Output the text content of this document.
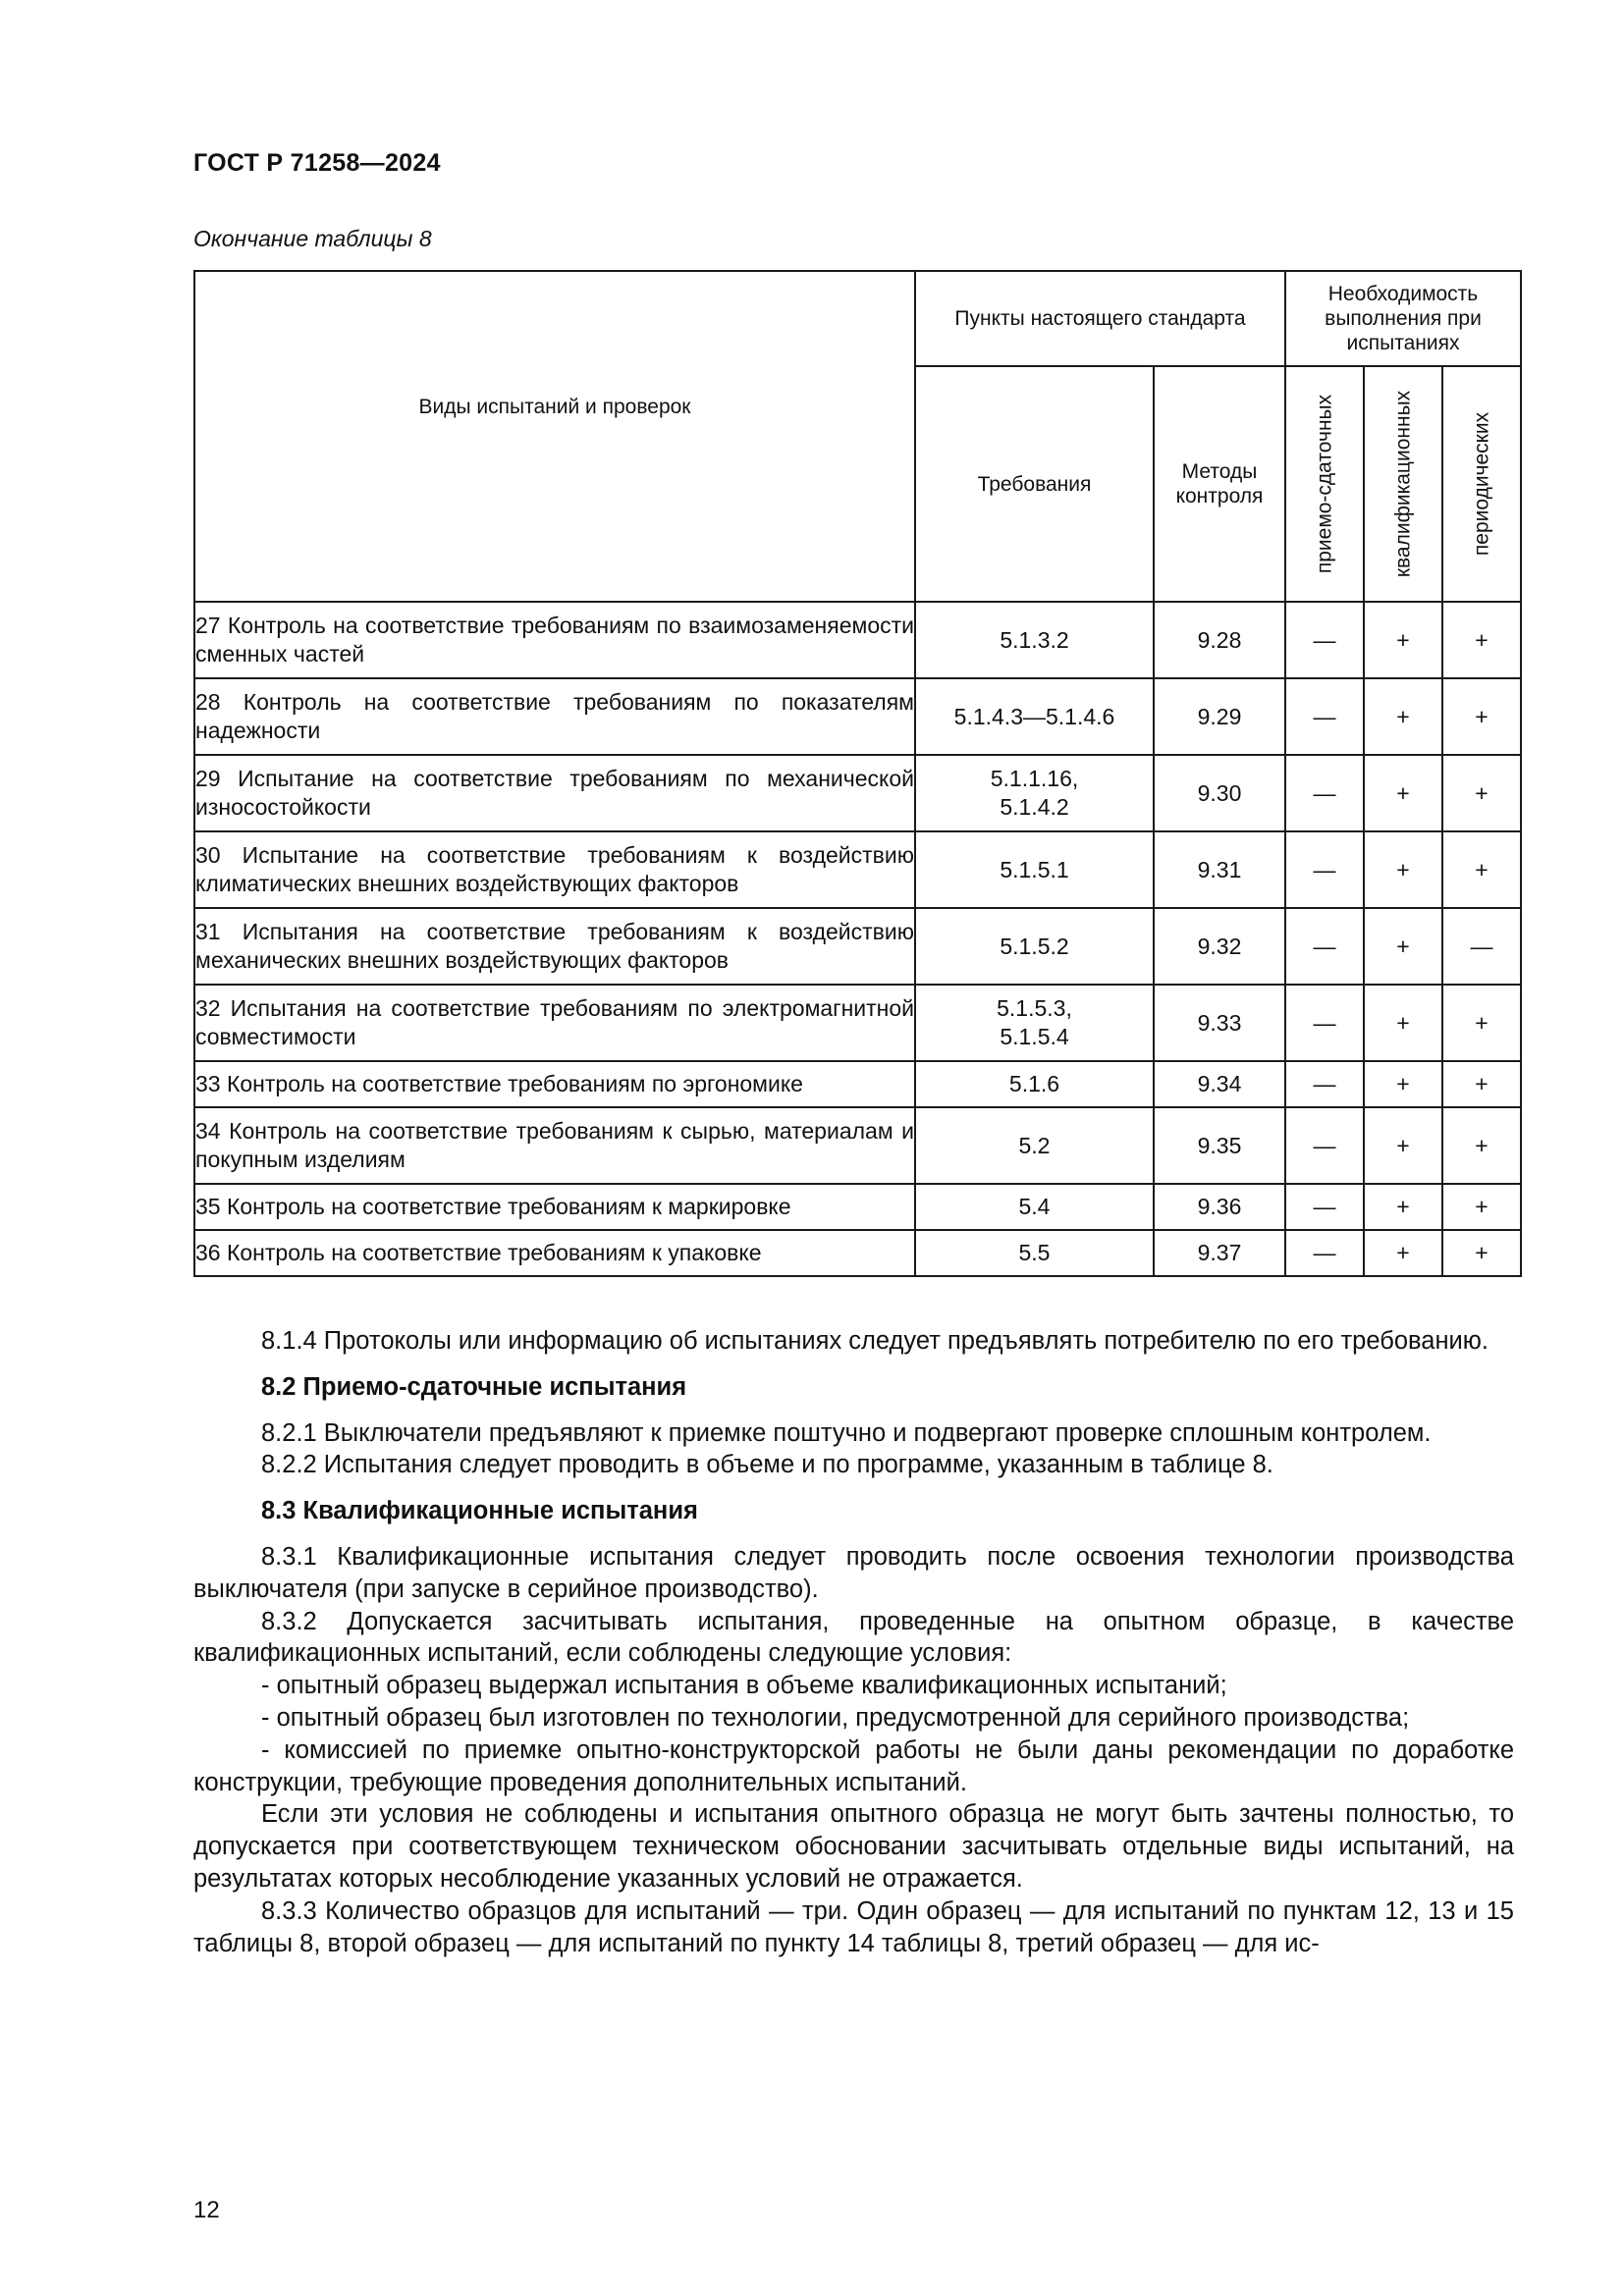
ГОСТ Р 71258—2024
Окончание таблицы 8
Виды испытаний и проверок	Пункты настоящего стандарта		Необходимость выполнения при испытаниях		

	Требования	Методы контроля	приемо-сдаточных	квалификационных	периодических

27 Контроль на соответствие требованиям по взаимозаменяемости сменных частей	5.1.3.2	9.28	—	+	+
28 Контроль на соответствие требованиям по показателям надежности	5.1.4.3—5.1.4.6	9.29	—	+	+
29 Испытание на соответствие требованиям по механической износостойкости	5.1.1.16, 5.1.4.2	9.30	—	+	+
30 Испытание на соответствие требованиям к воздействию климатических внешних воздействующих факторов	5.1.5.1	9.31	—	+	+
31 Испытания на соответствие требованиям к воздействию механических внешних воздействующих факторов	5.1.5.2	9.32	—	+	—
32 Испытания на соответствие требованиям по электромагнитной совместимости	5.1.5.3, 5.1.5.4	9.33	—	+	+
33 Контроль на соответствие требованиям по эргономике	5.1.6	9.34	—	+	+
34 Контроль на соответствие требованиям к сырью, материалам и покупным изделиям	5.2	9.35	—	+	+
35 Контроль на соответствие требованиям к маркировке	5.4	9.36	—	+	+
36 Контроль на соответствие требованиям к упаковке	5.5	9.37	—	+	+

8.1.4 Протоколы или информацию об испытаниях следует предъявлять потребителю по его требованию.

8.2 Приемо-сдаточные испытания

8.2.1 Выключатели предъявляют к приемке поштучно и подвергают проверке сплошным контролем.

8.2.2 Испытания следует проводить в объеме и по программе, указанным в таблице 8.

8.3 Квалификационные испытания

8.3.1 Квалификационные испытания следует проводить после освоения технологии производства выключателя (при запуске в серийное производство).

8.3.2 Допускается засчитывать испытания, проведенные на опытном образце, в качестве квалификационных испытаний, если соблюдены следующие условия:

- опытный образец выдержал испытания в объеме квалификационных испытаний;

- опытный образец был изготовлен по технологии, предусмотренной для серийного производства;

- комиссией по приемке опытно-конструкторской работы не были даны рекомендации по доработке конструкции, требующие проведения дополнительных испытаний.

Если эти условия не соблюдены и испытания опытного образца не могут быть зачтены полностью, то допускается при соответствующем техническом обосновании засчитывать отдельные виды испытаний, на результатах которых несоблюдение указанных условий не отражается.

8.3.3 Количество образцов для испытаний — три. Один образец — для испытаний по пунктам 12, 13 и 15 таблицы 8, второй образец — для испытаний по пункту 14 таблицы 8, третий образец — для ис-

12
